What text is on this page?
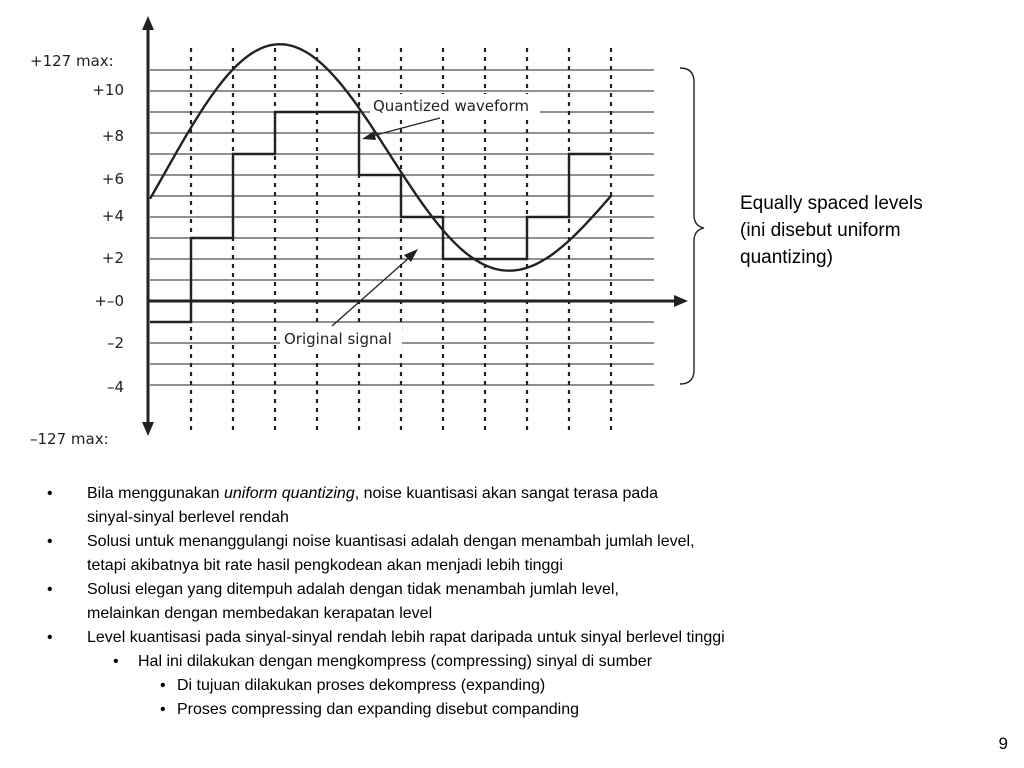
+127 max:
+10
+8
+6
+4
+2
+–0
–2
–4
–127 max:
Quantized waveform
Original signal
Equally spaced levels
(ini disebut uniform
quantizing)
• Bila menggunakan uniform quantizing, noise kuantisasi akan sangat terasa pada
sinyal-sinyal berlevel rendah
• Solusi untuk menanggulangi noise kuantisasi adalah dengan menambah jumlah level,
tetapi akibatnya bit rate hasil pengkodean akan menjadi lebih tinggi
• Solusi elegan yang ditempuh adalah dengan tidak menambah jumlah level,
melainkan dengan membedakan kerapatan level
• Level kuantisasi pada sinyal-sinyal rendah lebih rapat daripada untuk sinyal berlevel tinggi
• Hal ini dilakukan dengan mengkompress (compressing) sinyal di sumber
• Di tujuan dilakukan proses dekompress (expanding)
• Proses compressing dan expanding disebut companding
9
